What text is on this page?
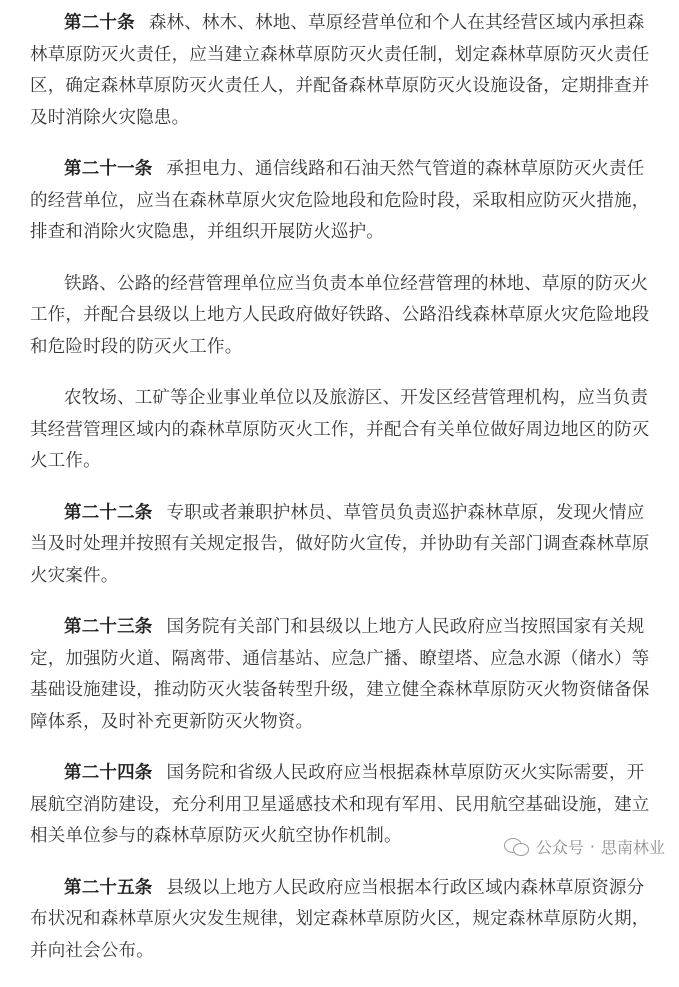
第二十条 森林、林木、林地、草原经营单位和个人在其经营区域内承担森林草原防灭火责任，应当建立森林草原防灭火责任制，划定森林草原防灭火责任区，确定森林草原防灭火责任人，并配备森林草原防灭火设施设备，定期排查并及时消除火灾隐患。

第二十一条 承担电力、通信线路和石油天然气管道的森林草原防灭火责任的经营单位，应当在森林草原火灾危险地段和危险时段，采取相应防灭火措施，排查和消除火灾隐患，并组织开展防火巡护。

铁路、公路的经营管理单位应当负责本单位经营管理的林地、草原的防灭火工作，并配合县级以上地方人民政府做好铁路、公路沿线森林草原火灾危险地段和危险时段的防灭火工作。

农牧场、工矿等企业事业单位以及旅游区、开发区经营管理机构，应当负责其经营管理区域内的森林草原防灭火工作，并配合有关单位做好周边地区的防灭火工作。

第二十二条 专职或者兼职护林员、草管员负责巡护森林草原，发现火情应当及时处理并按照有关规定报告，做好防火宣传，并协助有关部门调查森林草原火灾案件。

第二十三条 国务院有关部门和县级以上地方人民政府应当按照国家有关规定，加强防火道、隔离带、通信基站、应急广播、瞭望塔、应急水源（储水）等基础设施建设，推动防灭火装备转型升级，建立健全森林草原防灭火物资储备保障体系，及时补充更新防灭火物资。

第二十四条 国务院和省级人民政府应当根据森林草原防灭火实际需要，开展航空消防建设，充分利用卫星遥感技术和现有军用、民用航空基础设施，建立相关单位参与的森林草原防灭火航空协作机制。

第二十五条 县级以上地方人民政府应当根据本行政区域内森林草原资源分布状况和森林草原火灾发生规律，划定森林草原防火区，规定森林草原防火期，并向社会公布。

公众号 · 思南林业
